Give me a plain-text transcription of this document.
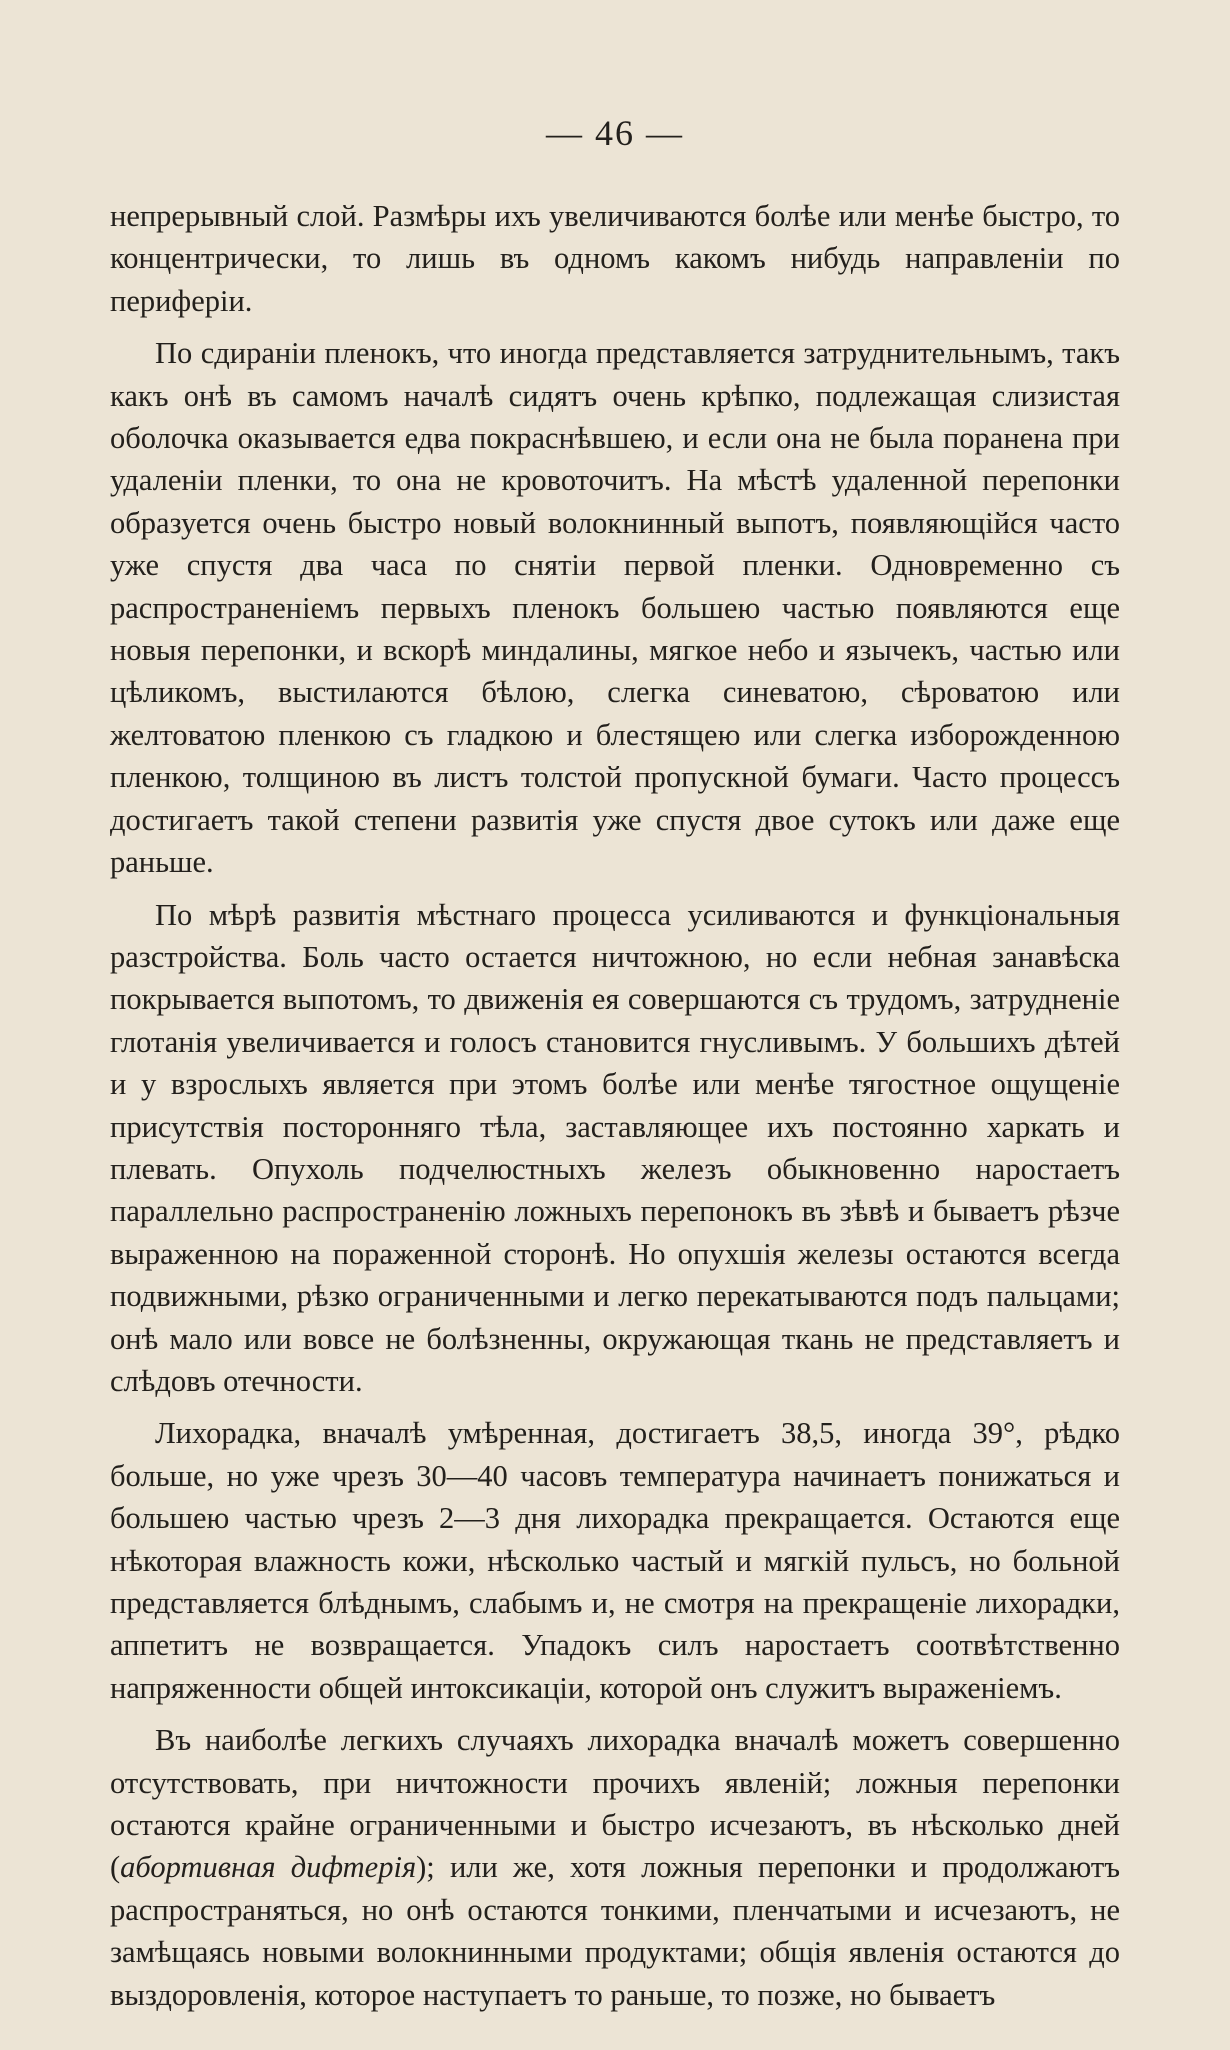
— 46 —

непрерывный слой. Размѣры ихъ увеличиваются болѣе или менѣе быстро, то концентрически, то лишь въ одномъ какомъ нибудь направленіи по периферіи.

По сдираніи пленокъ, что иногда представляется затруднительнымъ, такъ какъ онѣ въ самомъ началѣ сидятъ очень крѣпко, подлежащая слизистая оболочка оказывается едва покраснѣвшею, и если она не была поранена при удаленіи пленки, то она не кровоточитъ. На мѣстѣ удаленной перепонки образуется очень быстро новый волокнинный выпотъ, появляющійся часто уже спустя два часа по снятіи первой пленки. Одновременно съ распространеніемъ первыхъ пленокъ большею частью появляются еще новыя перепонки, и вскорѣ миндалины, мягкое небо и язычекъ, частью или цѣликомъ, выстилаются бѣлою, слегка синеватою, сѣроватою или желтоватою пленкою съ гладкою и блестящею или слегка изборожденною пленкою, толщиною въ листъ толстой пропускной бумаги. Часто процессъ достигаетъ такой степени развитія уже спустя двое сутокъ или даже еще раньше.

По мѣрѣ развитія мѣстнаго процесса усиливаются и функціональныя разстройства. Боль часто остается ничтожною, но если небная занавѣска покрывается выпотомъ, то движенія ея совершаются съ трудомъ, затрудненіе глотанія увеличивается и голосъ становится гнусливымъ. У большихъ дѣтей и у взрослыхъ является при этомъ болѣе или менѣе тягостное ощущеніе присутствія посторонняго тѣла, заставляющее ихъ постоянно харкать и плевать. Опухоль подчелюстныхъ железъ обыкновенно наростаетъ параллельно распространенію ложныхъ перепонокъ въ зѣвѣ и бываетъ рѣзче выраженною на пораженной сторонѣ. Но опухшія железы остаются всегда подвижными, рѣзко ограниченными и легко перекатываются подъ пальцами; онѣ мало или вовсе не болѣзненны, окружающая ткань не представляетъ и слѣдовъ отечности.

Лихорадка, вначалѣ умѣренная, достигаетъ 38,5, иногда 39°, рѣдко больше, но уже чрезъ 30—40 часовъ температура начинаетъ понижаться и большею частью чрезъ 2—3 дня лихорадка прекращается. Остаются еще нѣкоторая влажность кожи, нѣсколько частый и мягкій пульсъ, но больной представляется блѣднымъ, слабымъ и, не смотря на прекращеніе лихорадки, аппетитъ не возвращается. Упадокъ силъ наростаетъ соотвѣтственно напряженности общей интоксикаціи, которой онъ служитъ выраженіемъ.

Въ наиболѣе легкихъ случаяхъ лихорадка вначалѣ можетъ совершенно отсутствовать, при ничтожности прочихъ явленій; ложныя перепонки остаются крайне ограниченными и быстро исчезаютъ, въ нѣсколько дней (абортивная дифтерія); или же, хотя ложныя перепонки и продолжаютъ распространяться, но онѣ остаются тонкими, пленчатыми и исчезаютъ, не замѣщаясь новыми волокнинными продуктами; общія явленія остаются до выздоровленія, которое наступаетъ то раньше, то позже, но бываетъ
